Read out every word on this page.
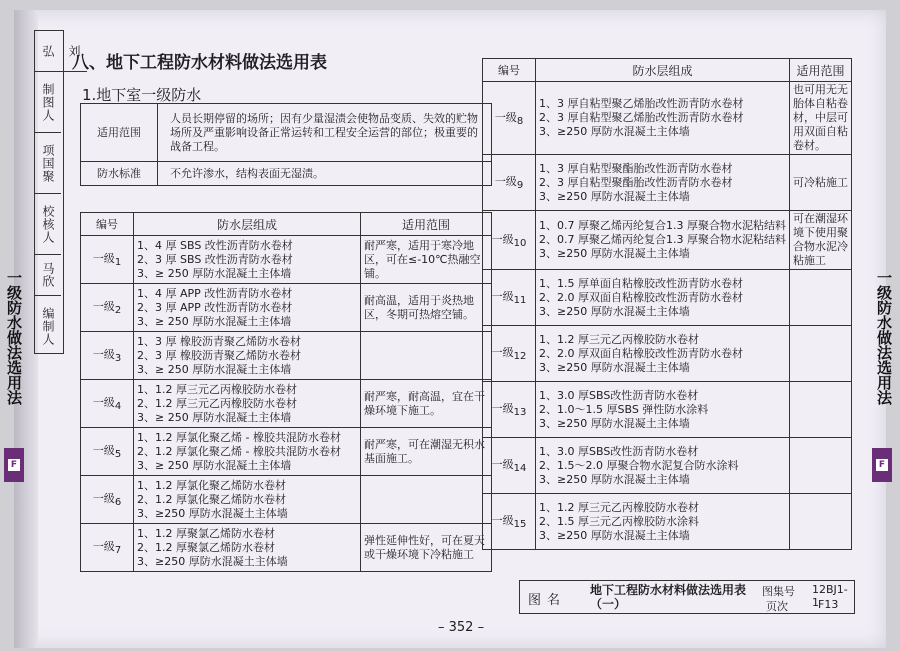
一级防水做法选用法	一级防水做法选用法
F	F
刘 弘
制图人
项国聚
校核人
马欣
编制人
八、地下工程防水材料做法选用表
1.地下室一级防水
适用范围	人员长期停留的场所；因有少量湿渍会使物品变质、失效的贮物场所及严重影响设备正常运转和工程安全运营的部位；极重要的战备工程。
防水标准	不允许渗水，结构表面无湿渍。
编号	防水层组成	适用范围
一级$_1$	1、4 厚 SBS 改性沥青防水卷材
2、3 厚 SBS 改性沥青防水卷材
3、≥ 250 厚防水混凝土主体墙	耐严寒，适用于寒冷地区，可在≤-10℃热融空铺。
一级$_2$	1、4 厚 APP 改性沥青防水卷材
2、3 厚 APP 改性沥青防水卷材
3、≥ 250 厚防水混凝土主体墙	耐高温，适用于炎热地区，冬期可热熔空铺。
一级$_3$	1、3 厚 橡胶沥青聚乙烯防水卷材
2、3 厚 橡胶沥青聚乙烯防水卷材
3、≥ 250 厚防水混凝土主体墙	

一级$_4$	1、1.2 厚三元乙丙橡胶防水卷材
2、1.2 厚三元乙丙橡胶防水卷材
3、≥ 250 厚防水混凝土主体墙	耐严寒，耐高温，宜在干燥环境下施工。
一级$_5$	1、1.2 厚氯化聚乙烯 - 橡胶共混防水卷材
2、1.2 厚氯化聚乙烯 - 橡胶共混防水卷材
3、≥ 250 厚防水混凝土主体墙	耐严寒，可在潮湿无积水基面施工。
一级$_6$	1、1.2 厚氯化聚乙烯防水卷材
2、1.2 厚氯化聚乙烯防水卷材
3、≥250 厚防水混凝土主体墙	

一级$_7$	1、1.2 厚聚氯乙烯防水卷材
2、1.2 厚聚氯乙烯防水卷材
3、≥250 厚防水混凝土主体墙	弹性延伸性好，可在夏天或干燥环境下冷粘施工
编号	防水层组成	适用范围
一级$_8$	1、3 厚自粘型聚乙烯胎改性沥青防水卷材
2、3 厚自粘型聚乙烯胎改性沥青防水卷材
3、≥250 厚防水混凝土主体墙	也可用无无胎体自粘卷材，中层可用双面自粘卷材。
一级$_9$	1、3 厚自粘型聚酯胎改性沥青防水卷材
2、3 厚自粘型聚酯胎改性沥青防水卷材
3、≥250 厚防水混凝土主体墙	可冷粘施工
一级$_{10}$	1、0.7 厚聚乙烯丙纶复合1.3 厚聚合物水泥粘结料
2、0.7 厚聚乙烯丙纶复合1.3 厚聚合物水泥粘结料
3、≥250 厚防水混凝土主体墙	可在潮湿环境下使用聚合物水泥冷粘施工
一级$_{11}$	1、1.5 厚单面自粘橡胶改性沥青防水卷材
2、2.0 厚双面自粘橡胶改性沥青防水卷材
3、≥250 厚防水混凝土主体墙	

一级$_{12}$	1、1.2 厚三元乙丙橡胶防水卷材
2、2.0 厚双面自粘橡胶改性沥青防水卷材
3、≥250 厚防水混凝土主体墙	

一级$_{13}$	1、3.0 厚SBS改性沥青防水卷材
2、1.0～1.5 厚SBS 弹性防水涂料
3、≥250 厚防水混凝土主体墙	

一级$_{14}$	1、3.0 厚SBS改性沥青防水卷材
2、1.5～2.0 厚聚合物水泥复合防水涂料
3、≥250 厚防水混凝土主体墙	

一级$_{15}$	1、1.2 厚三元乙丙橡胶防水卷材
2、1.5 厚三元乙丙橡胶防水涂料
3、≥250 厚防水混凝土主体墙	

图名
地下工程防水材料做法选用表（一）
图集号 12BJ1-1
页次	F13
– 352 –
